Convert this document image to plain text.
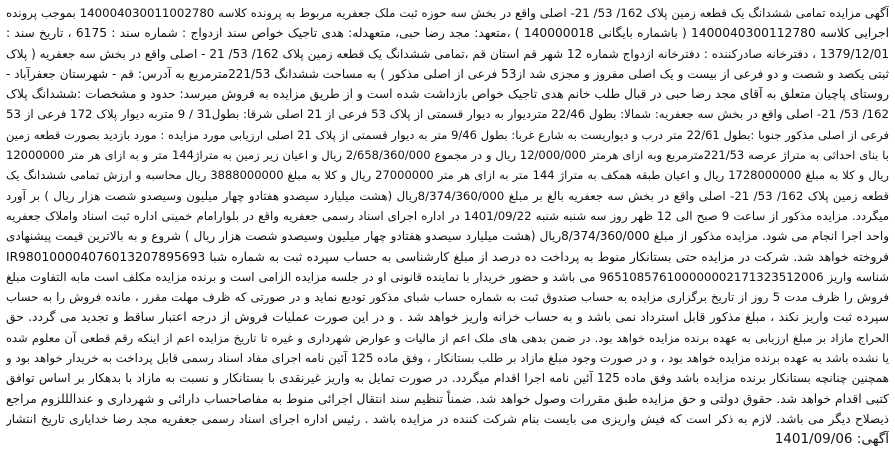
آگهی مزایده تمامی ششدانگ یک قطعه زمین پلاک 162/ 53/ 21- اصلی واقع در بخش سه حوزه ثبت ملک جعفریه مربوط به پرونده کلاسه 140004030011002780 بموجب پرونده
اجرایی کلاسه 1400040300112780 ( باشماره بایگانی 140000018 ) ،متعهد: مجد رضا حبی، متعهدله: هدی تاجیک خواص سند ازدواج : شماره سند : 6175 ، تاریخ سند :
1379/12/01 ، دفترخانه صادرکننده : دفترخانه ازدواج شماره 12 شهر قم استان قم ،تمامی ششدانگ یک قطعه زمین پلاک 162/ 53/ 21 - اصلی واقع در بخش سه جعفریه ( پلاک
ثبتی یکصد و شصت و دو فرعی از بیست و یک اصلی مفروز و مجزی شد از53 فرعی از اصلی مذکور ) به مساحت ششدانگ 221/53مترمربع به آدرس: قم - شهرستان جعفرآباد -
روستای پاچیان متعلق به آقای مجد رضا حبی در قبال طلب خانم هدی تاجیک خواص بازداشت شده است و از طریق مزایده به فروش میرسد: حدود و مشخصات :ششدانگ پلاک
162/ 53/ 21- اصلی واقع در بخش سه جعفریه: شمالا: بطول 22/46 متردیوار به دیوار قسمتی از پلاک 53 فرعی از 21 اصلی شرقا: بطول31 / 9 متربه دیوار پلاک 172 فرعی از 53
فرعی از اصلی مذکور جنوبا :بطول 22/61 متر درب و دیواریست به شارع غربا: بطول 9/46 متر به دیوار قسمتی از پلاک 21 اصلی ارزیابی مورد مزایده : مورد بازدید بصورت قطعه زمین
با بنای احداثی به متراژ عرصه 221/53مترمربع وبه ازای هرمتر 12/000/000 ریال و در مجموع 2/658/360/000 ریال و اعیان زیر زمین به متراژ144 متر و به ازای هر متر 12000000
ریال و کلا به مبلغ 1728000000 ریال و اعیان طبقه همکف به متراژ 144 متر به ازای هر متر 27000000 ریال و کلا به مبلغ 3888000000 ریال محاسبه و ارزش تمامی ششدانگ یک
قطعه زمین پلاک 162/ 53/ 21- اصلی واقع در بخش سه جعفریه بالغ بر مبلغ 8/374/360/000ریال (هشت میلیارد سیصدو هفتادو چهار میلیون وسیصدو شصت هزار ریال ) بر آورد
میگردد. مزایده مذکور از ساعت 9 صبح الی 12 ظهر روز سه شنبه شنبه 1401/09/22 در اداره اجرای اسناد رسمی جعفریه واقع در بلوارامام خمینی اداره ثبت اسناد واملاک جعفریه
واحد اجرا انجام می شود. مزایده مذکور از مبلغ 8/374/360/000ریال (هشت میلیارد سیصدو هفتادو چهار میلیون وسیصدو شصت هزار ریال ) شروع و به بالاترین قیمت پیشنهادی
فروخته خواهد شد. شرکت در مزایده حتی بستانکار منوط به پرداخت ده درصد از مبلغ کارشناسی به حساب سپرده ثبت به شماره شبا IR980100004076013207895693
شناسه واریز 965108576100000002171323512006 می باشد و حضور خریدار با نماینده قانونی او در جلسه مزایده الزامی است و برنده مزایده مکلف است مابه التفاوت مبلغ
فروش را ظرف مدت 5 روز از تاریخ برگزاری مزایده به حساب صندوق ثبت به شماره حساب شبای مذکور تودیع نماید و در صورتی که ظرف مهلت مقرر ، مانده فروش را به حساب
سپرده ثبت واریز نکند ، مبلغ مذکور قابل استرداد نمی باشد و به حساب خزانه واریز خواهد شد . و در این صورت عملیات فروش از درجه اعتبار ساقط و تجدید می گردد. حق
الحراج مازاد بر مبلغ ارزیابی به عهده برنده مزایده خواهد بود. در ضمن بدهی های ملک اعم از مالیات و عوارض شهرداری و غیره تا تاریخ مزایده اعم از اینکه رقم قطعی آن معلوم شده
یا نشده باشد به عهده برنده مزایده خواهد بود ، و در صورت وجود مبلغ مازاد بر طلب بستانکار ، وفق ماده 125 آئین نامه اجرای مفاد اسناد رسمی قابل پرداخت به خریدار خواهد بود و
همچنین چنانچه بستانکار برنده مزایده باشد وفق ماده 125 آئین نامه اجرا اقدام میگردد. در صورت تمایل به واریز غیرنقدی با بستانکار و نسبت به مازاد با بدهکار بر اساس توافق
کتبی اقدام خواهد شد. حقوق دولتی و حق مزایده طبق مقررات وصول خواهد شد. ضمناً تنظیم سند انتقال اجرائی منوط به مفاصاحساب دارائی و شهرداری و عندالللزوم مراجع
ذیصلاح دیگر می باشد. لازم به ذکر است که فیش واریزی می بایست بنام شرکت کننده در مزایده باشد . رئیس اداره اجرای اسناد رسمی جعفریه مجد رضا خدایاری تاریخ انتشار
آگهی: 1401/09/06
